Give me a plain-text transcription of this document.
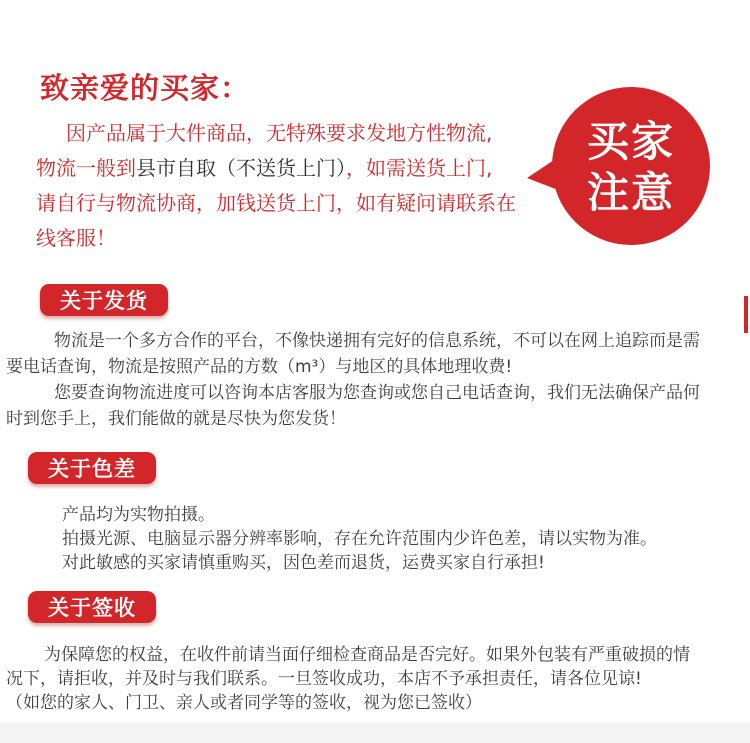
致亲爱的买家：
因产品属于大件商品，无特殊要求发地方性物流,
物流一般到县市自取（不送货上门），如需送货上门,
请自行与物流协商，加钱送货上门，如有疑问请联系在
线客服！
买家
注意
关于发货

物流是一个多方合作的平台，不像快递拥有完好的信息系统，不可以在网上追踪而是需

要电话查询，物流是按照产品的方数（m³）与地区的具体地理收费!

您要查询物流进度可以咨询本店客服为您查询或您自己电话查询，我们无法确保产品何

时到您手上，我们能做的就是尽快为您发货！

关于色差

产品均为实物拍摄。

拍摄光源、电脑显示器分辨率影响，存在允许范围内少许色差，请以实物为准。

对此敏感的买家请慎重购买，因色差而退货，运费买家自行承担!

关于签收

为保障您的权益，在收件前请当面仔细检查商品是否完好。如果外包装有严重破损的情

况下，请拒收，并及时与我们联系。一旦签收成功，本店不予承担责任，请各位见谅!

（如您的家人、门卫、亲人或者同学等的签收，视为您已签收）
